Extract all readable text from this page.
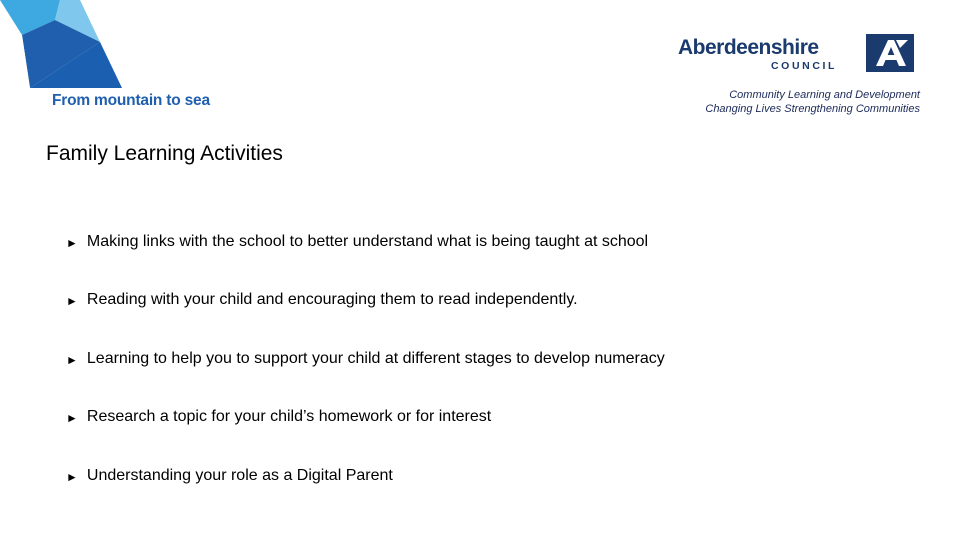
From mountain to sea
Aberdeenshire
COUNCIL
Community Learning and Development
Changing Lives Strengthening Communities
Family Learning Activities
► Making links with the school to better understand what is being taught at school
► Reading with your child and encouraging them to read independently.
► Learning to help you to support your child at different stages to develop numeracy
► Research a topic for your child’s homework or for interest
► Understanding your role as a Digital Parent
